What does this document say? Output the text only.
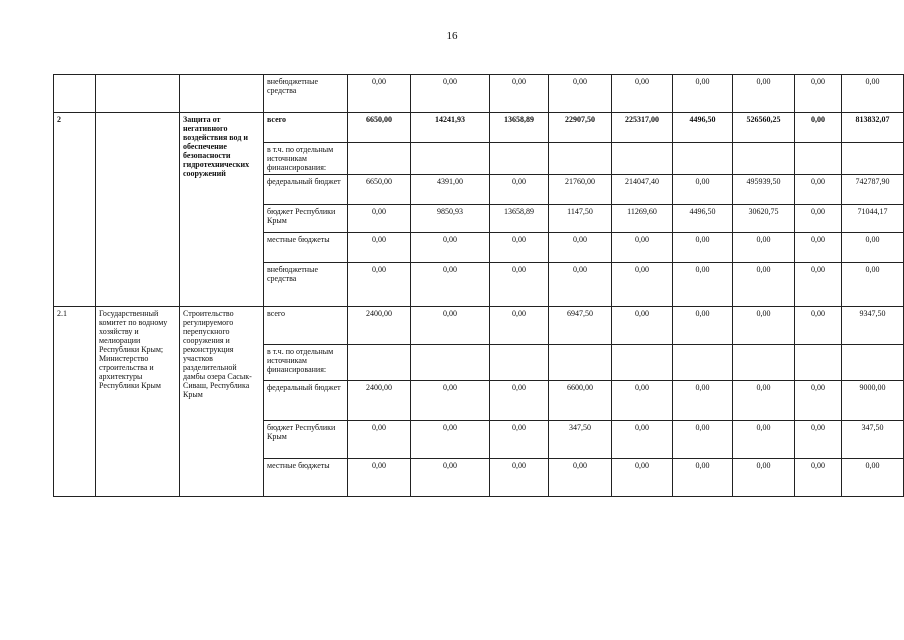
16
			внебюджетные средства	0,00	0,00	0,00	0,00	0,00	0,00	0,00	0,00	0,00
2		Защита от негативного воздействия вод и обеспечение безопасности гидротехнических сооружений	всего	6650,00	14241,93	13658,89	22907,50	225317,00	4496,50	526560,25	0,00	813832,07
			в т.ч. по отдельным источникам финансирования:									
			федеральный бюджет	6650,00	4391,00	0,00	21760,00	214047,40	0,00	495939,50	0,00	742787,90
			бюджет Республики Крым	0,00	9850,93	13658,89	1147,50	11269,60	4496,50	30620,75	0,00	71044,17
			местные бюджеты	0,00	0,00	0,00	0,00	0,00	0,00	0,00	0,00	0,00
			внебюджетные средства	0,00	0,00	0,00	0,00	0,00	0,00	0,00	0,00	0,00
2.1	Государственный комитет по водному хозяйству и мелиорации Республики Крым; Министерство строительства и архитектуры Республики Крым	Строительство регулируемого перепускного сооружения и реконструкция участков разделительной дамбы озера Сасык-Сиваш, Республика Крым	всего	2400,00	0,00	0,00	6947,50	0,00	0,00	0,00	0,00	9347,50
			в т.ч. по отдельным источникам финансирования:									
			федеральный бюджет	2400,00	0,00	0,00	6600,00	0,00	0,00	0,00	0,00	9000,00
			бюджет Республики Крым	0,00	0,00	0,00	347,50	0,00	0,00	0,00	0,00	347,50
			местные бюджеты	0,00	0,00	0,00	0,00	0,00	0,00	0,00	0,00	0,00
